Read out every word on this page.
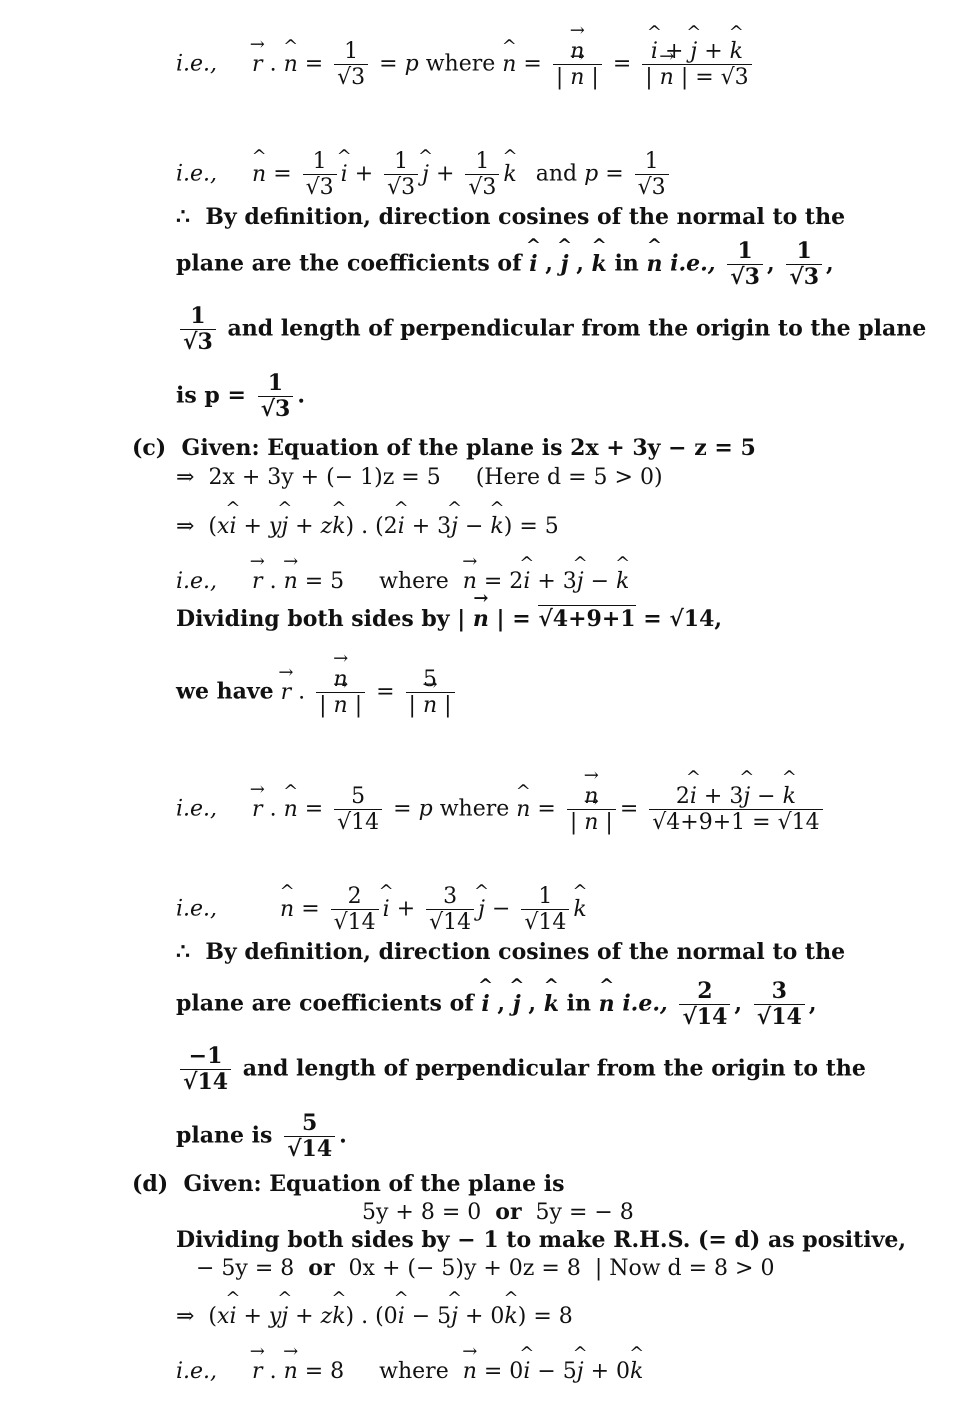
i.e., → r . ^ $n = \frac{1}{√3} = p$ where ^ n = → $\frac{n}{| \to n |}$ = ^ $\frac{i + \^{} j + \^{} k}{| \to n | = √3}$
i.e., ^ $n = \frac{1}{√3}$ ^ $i + \frac{1}{√3}$ ^ $j + \frac{1}{√3}$ ^ k and $p = \frac{1}{√3}$
∴ By definition, direction cosines of the normal to the
plane are the coefficients of ^ i , ^ j , ^ k in ^ n i.e., $\frac{1}{√3}$ , $\frac{1}{√3}$ ,
$\frac{1}{√3}$ and length of perpendicular from the origin to the plane
is $p = \frac{1}{√3}$ .
(c) Given: Equation of the plane is 2x + 3y − z = 5
⇒ 2x + 3y + (− 1)z = 5 (Here d = 5 > 0)
⇒  (x^ i + y^ j + z^ k) . (2^ i + 3^ j − ^ k) = 5
i.e., → r . → n = 5 where → n = 2^ i + 3^ j − ^ k
Dividing both sides by | → n | = √4+9+1 = √14,
we have → r . → $\frac{n}{| \to n |} = \frac{5}{| \to n |}$
i.e., → r . ^ $n = \frac{5}{√14} = p$ where ^ n = → $\frac{n}{| \to n |} = \frac{2\^{} i + 3\^{} j - \^{} k}{√4+9+1 = √14}$
i.e.,	^ $n = \frac{2}{√14}$ ^ $i + \frac{3}{√14}$ ^ $j - \frac{1}{√14}$ ^ k
∴ By definition, direction cosines of the normal to the
plane are coefficients of ^ i , ^ j , ^ k in ^ n i.e., $\frac{2}{√14}$ , $\frac{3}{√14}$ ,
$\frac{-1}{√14}$ and length of perpendicular from the origin to the
plane is $\frac{5}{√14}$ .
(d) Given: Equation of the plane is
5y + 8 = 0 or 5y = − 8
Dividing both sides by − 1 to make R.H.S. (= d) as positive,
− 5y = 8 or 0x + (− 5)y + 0z = 8 | Now d = 8 > 0
⇒  (x^ i + y^ j + z^ k) . (0^ i − 5^ j + 0^ k) = 8
i.e., → r . → n = 8 where → n = 0^ i − 5^ j + 0^ k
